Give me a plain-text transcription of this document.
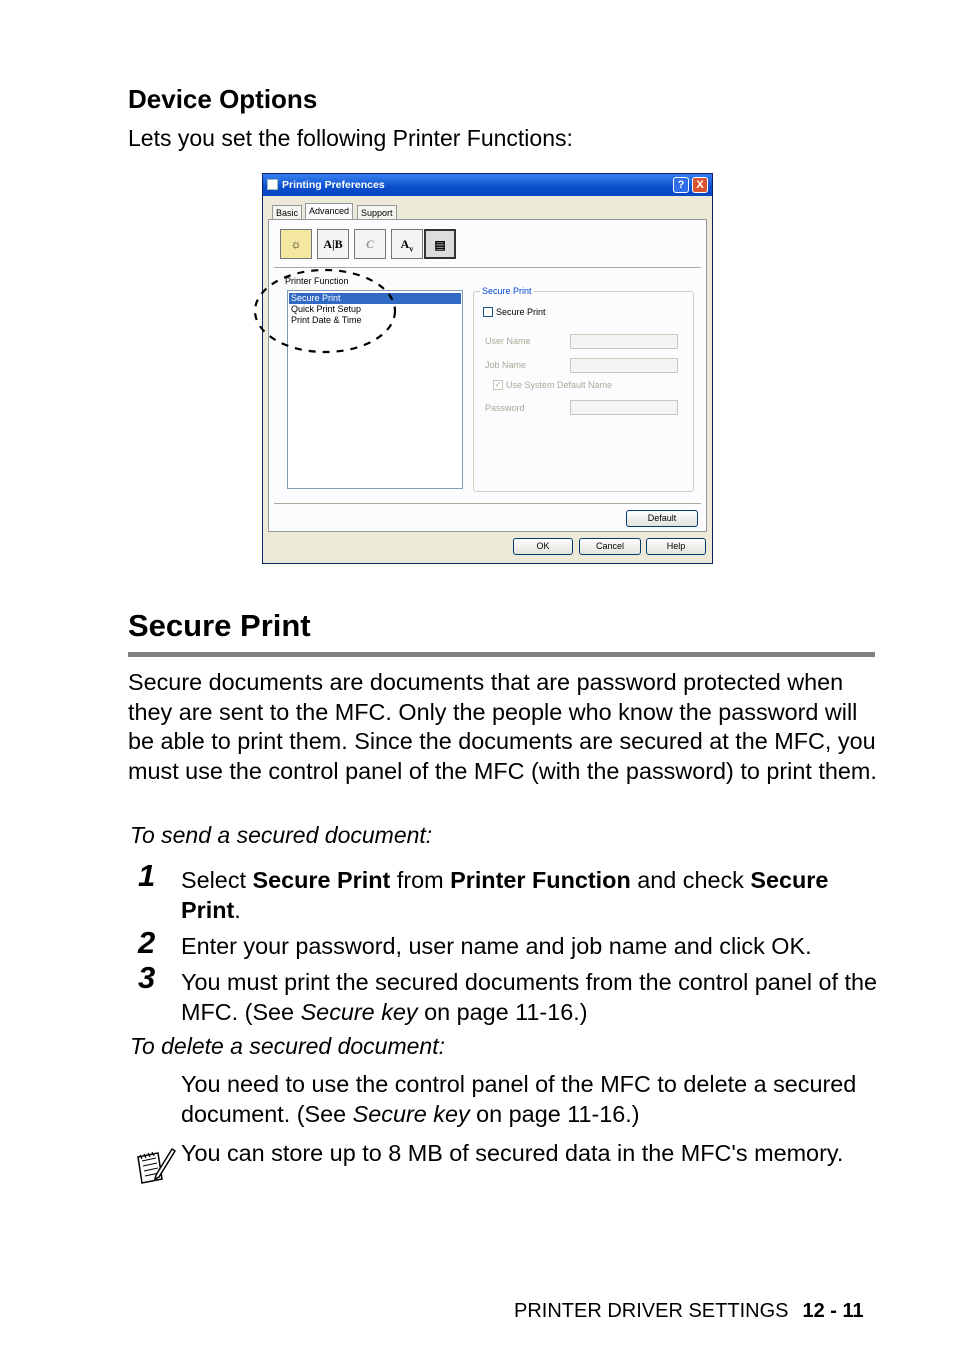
Device Options
Lets you set the following Printer Functions:
Printing Preferences	?	X
Basic	Advanced	Support
☼	A|B	C	$A_v$	▤
Printer Function
Secure Print
Quick Print Setup
Print Date & Time
Secure Print
Secure Print
User Name
Job Name
✓ Use System Default Name
Password
Default
OK	Cancel	Help
Secure Print
Secure documents are documents that are password protected when they are sent to the MFC. Only the people who know the password will be able to print them. Since the documents are secured at the MFC, you must use the control panel of the MFC (with the password) to print them.
To send a secured document:
1	Select Secure Print from Printer Function and check Secure Print.
2	Enter your password, user name and job name and click OK.
3	You must print the secured documents from the control panel of the MFC. (See Secure key on page 11-16.)
To delete a secured document:
You need to use the control panel of the MFC to delete a secured document. (See Secure key on page 11-16.)
You can store up to 8 MB of secured data in the MFC's memory.
PRINTER DRIVER SETTINGS 12 - 11
